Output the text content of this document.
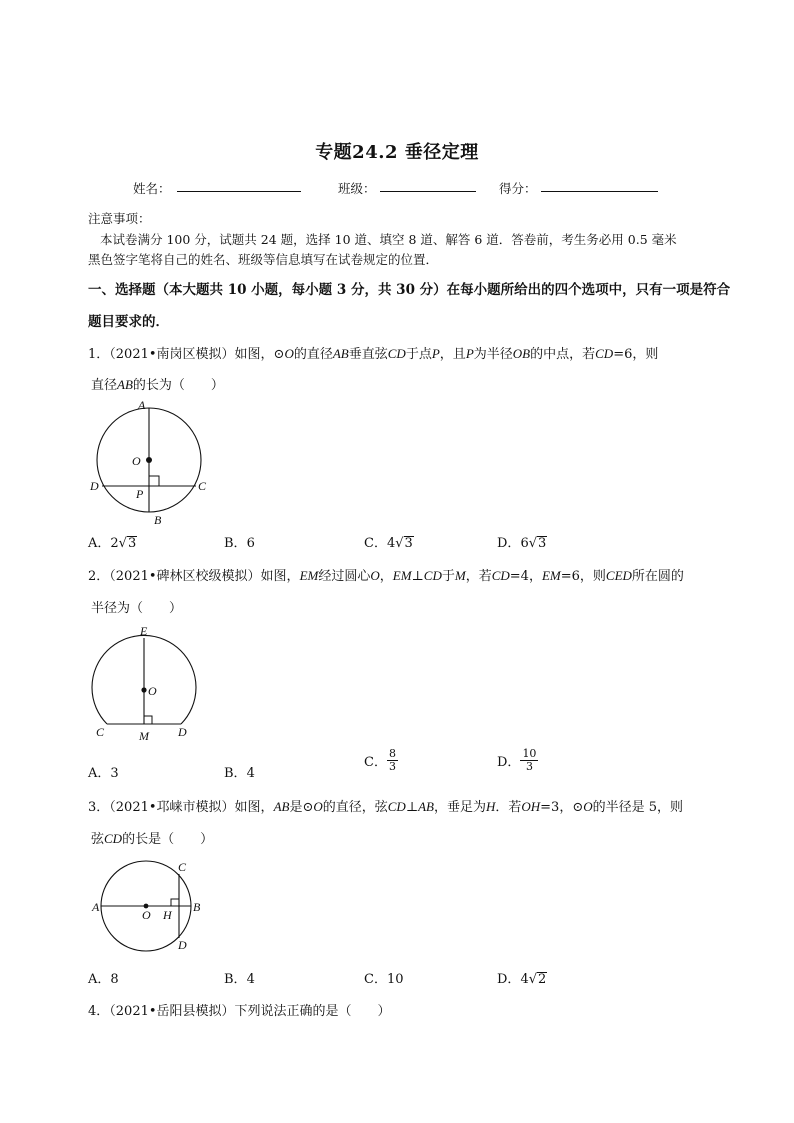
专题24.2 垂径定理
姓名：	班级：	得分：
注意事项：
本试卷满分 100 分，试题共 24 题，选择 10 道、填空 8 道、解答 6 道．答卷前，考生务必用 0.5 毫米
黑色签字笔将自己的姓名、班级等信息填写在试卷规定的位置．
一、选择题（本大题共 10 小题，每小题 3 分，共 30 分）在每小题所给出的四个选项中，只有一项是符合
题目要求的．
1．（2021•南岗区模拟）如图，⊙O的直径AB垂直弦CD于点P，且P为半径OB的中点，若CD=6，则
直径AB的长为（　　）
A
O
D	C
P
B
A．2√3	B．6	C．4√3	D．6√3
2．（2021•碑林区校级模拟）如图，EM经过圆心O，EM⊥CD于M，若CD=4，EM=6，则CED所在圆的
半径为（　　）
E
O
C	M D
A．3	B．4
C． $\frac{8}{3}$	D． $\frac{10}{3}$
3．（2021•邛崃市模拟）如图，AB是⊙O的直径，弦CD⊥AB，垂足为H．若OH=3，⊙O的半径是 5，则
弦CD的长是（　　）
C
A
O H
B
D
A．8	B．4	C．10	D．4√2
4．（2021•岳阳县模拟）下列说法正确的是（　　）
